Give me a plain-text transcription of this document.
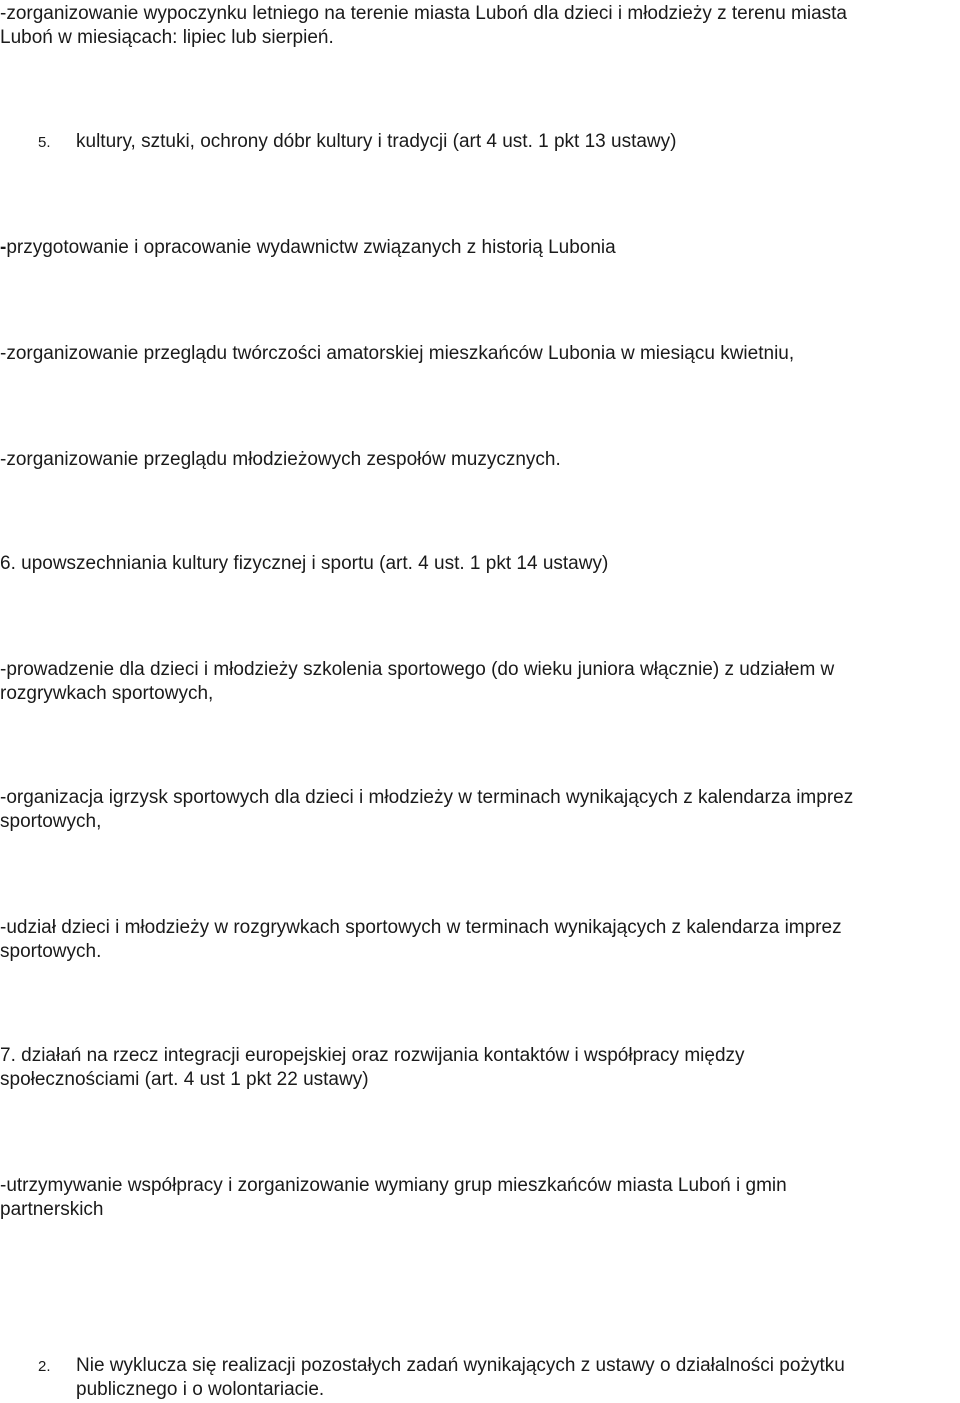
-zorganizowanie wypoczynku letniego na terenie miasta Luboń dla dzieci i młodzieży z terenu miasta
Luboń w miesiącach: lipiec lub sierpień.
5. kultury, sztuki, ochrony dóbr kultury i tradycji (art 4 ust. 1 pkt 13 ustawy)
-przygotowanie i opracowanie wydawnictw związanych z historią Lubonia
-zorganizowanie przeglądu twórczości amatorskiej mieszkańców Lubonia w miesiącu kwietniu,
-zorganizowanie przeglądu młodzieżowych zespołów muzycznych.
6. upowszechniania kultury fizycznej i sportu (art. 4 ust. 1 pkt 14 ustawy)
-prowadzenie dla dzieci i młodzieży szkolenia sportowego (do wieku juniora włącznie) z udziałem w
rozgrywkach sportowych,
-organizacja igrzysk sportowych dla dzieci i młodzieży w terminach wynikających z kalendarza imprez
sportowych,
-udział dzieci i młodzieży w rozgrywkach sportowych w terminach wynikających z kalendarza imprez
sportowych.
7. działań na rzecz integracji europejskiej oraz rozwijania kontaktów i współpracy między
społecznościami (art. 4 ust 1 pkt 22 ustawy)
-utrzymywanie współpracy i zorganizowanie wymiany grup mieszkańców miasta Luboń i gmin
partnerskich
2. Nie wyklucza się realizacji pozostałych zadań wynikających z ustawy o działalności pożytku
publicznego i o wolontariacie.
